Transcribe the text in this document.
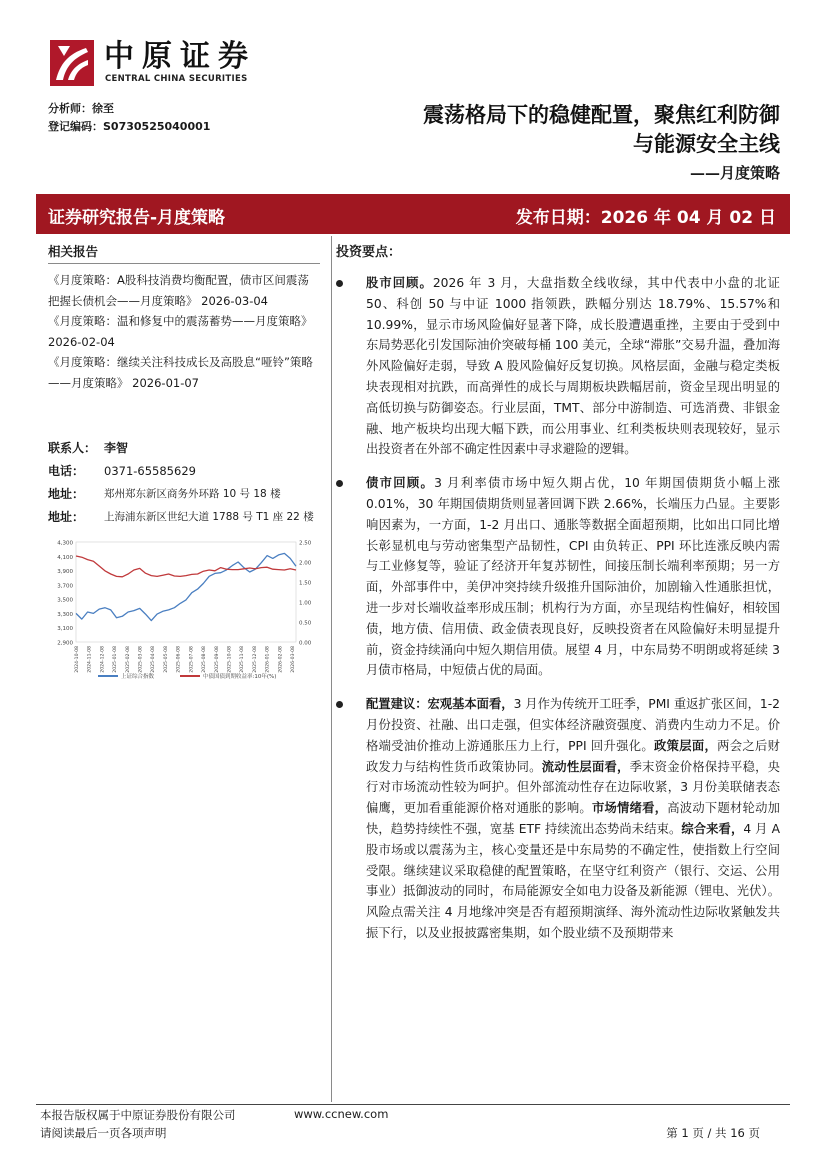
中原证券
CENTRAL CHINA SECURITIES
分析师：徐至
登记编码：S0730525040001	震荡格局下的稳健配置，聚焦红利防御
与能源安全主线
——月度策略
证券研究报告-月度策略	发布日期：2026 年 04 月 02 日
相关报告
《月度策略：A股科技消费均衡配置，债市区间震荡把握长债机会——月度策略》 2026-03-04
《月度策略：温和修复中的震荡蓄势——月度策略》 2026-02-04
《月度策略：继续关注科技成长及高股息“哑铃”策略——月度策略》 2026-01-07
联系人： 李智
电话：	0371-65585629
地址：	郑州郑东新区商务外环路 10 号 18 楼
地址：	上海浦东新区世纪大道 1788 号 T1 座 22 楼
2,900
3,100
3,300
3,500
3,700
3,900
4,100
4,300
0.00
0.50
1.00
1.50
2.00
2.50
2024-10-08 2024-11-08 2024-12-08 2025-01-08 2025-02-08 2025-03-08 2025-04-08 2025-05-08 2025-06-08 2025-07-08 2025-08-08 2025-09-08 2025-10-08 2025-11-08 2025-12-08 2026-01-08 2026-02-08 2026-03-08
上证综合指数	中债国债到期收益率:10年(%)
投资要点：
股市回顾。2026 年 3 月，大盘指数全线收绿，其中代表中小盘的北证 50、科创 50 与中证 1000 指领跌，跌幅分别达 18.79%、15.57%和 10.99%，显示市场风险偏好显著下降，成长股遭遇重挫，主要由于受到中东局势恶化引发国际油价突破每桶 100 美元，全球“滞胀”交易升温，叠加海外风险偏好走弱，导致 A 股风险偏好反复切换。风格层面，金融与稳定类板块表现相对抗跌，而高弹性的成长与周期板块跌幅居前，资金呈现出明显的高低切换与防御姿态。行业层面，TMT、部分中游制造、可选消费、非银金融、地产板块均出现大幅下跌，而公用事业、红利类板块则表现较好，显示出投资者在外部不确定性因素中寻求避险的逻辑。
债市回顾。3 月利率债市场中短久期占优，10 年期国债期货小幅上涨 0.01%，30 年期国债期货则显著回调下跌 2.66%，长端压力凸显。主要影响因素为，一方面，1-2 月出口、通胀等数据全面超预期，比如出口同比增长彰显机电与劳动密集型产品韧性，CPI 由负转正、PPI 环比连涨反映内需与工业修复等，验证了经济开年复苏韧性，间接压制长端利率预期；另一方面，外部事件中，美伊冲突持续升级推升国际油价，加剧输入性通胀担忧，进一步对长端收益率形成压制；机构行为方面，亦呈现结构性偏好，相较国债，地方债、信用债、政金债表现良好，反映投资者在风险偏好未明显提升前，资金持续涌向中短久期信用债。展望 4 月，中东局势不明朗或将延续 3 月债市格局，中短债占优的局面。
配置建议：宏观基本面看，3 月作为传统开工旺季，PMI 重返扩张区间，1-2 月份投资、社融、出口走强，但实体经济融资强度、消费内生动力不足。价格端受油价推动上游通胀压力上行，PPI 回升强化。政策层面，两会之后财政发力与结构性货币政策协同。流动性层面看，季末资金价格保持平稳，央行对市场流动性较为呵护。但外部流动性存在边际收紧，3 月份美联储表态偏鹰，更加看重能源价格对通胀的影响。市场情绪看，高波动下题材轮动加快，趋势持续性不强，宽基 ETF 持续流出态势尚未结束。综合来看，4 月 A 股市场或以震荡为主，核心变量还是中东局势的不确定性，使指数上行空间受限。继续建议采取稳健的配置策略，在坚守红利资产（银行、交运、公用事业）抵御波动的同时，布局能源安全如电力设备及新能源（锂电、光伏）。风险点需关注 4 月地缘冲突是否有超预期演绎、海外流动性边际收紧触发共振下行，以及业报披露密集期，如个股业绩不及预期带来
本报告版权属于中原证券股份有限公司	www.ccnew.com
请阅读最后一页各项声明	第 1 页 / 共 16 页
